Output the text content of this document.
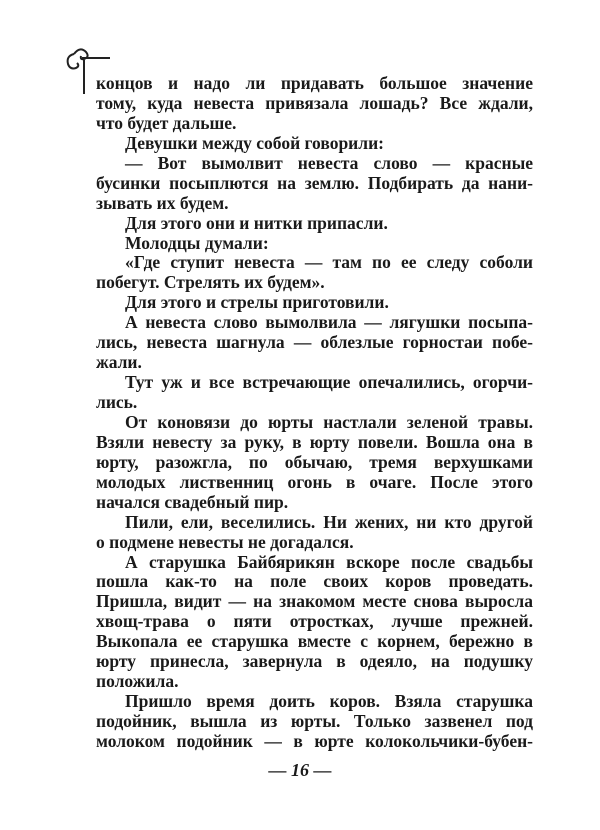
концов и надо ли придавать большое значение
тому, куда невеста привязала лошадь? Все ждали,
что будет дальше.
Девушки между собой говорили:
— Вот вымолвит невеста слово — красные
бусинки посыплются на землю. Подбирать да нани-
зывать их будем.
Для этого они и нитки припасли.
Молодцы думали:
«Где ступит невеста — там по ее следу соболи
побегут. Стрелять их будем».
Для этого и стрелы приготовили.
А невеста слово вымолвила — лягушки посыпа-
лись, невеста шагнула — облезлые горностаи побе-
жали.
Тут уж и все встречающие опечалились, огорчи-
лись.
От коновязи до юрты настлали зеленой травы.
Взяли невесту за руку, в юрту повели. Вошла она в
юрту, разожгла, по обычаю, тремя верхушками
молодых лиственниц огонь в очаге. После этого
начался свадебный пир.
Пили, ели, веселились. Ни жених, ни кто другой
о подмене невесты не догадался.
А старушка Байбярикян вскоре после свадьбы
пошла как-то на поле своих коров проведать.
Пришла, видит — на знакомом месте снова выросла
хвощ-трава о пяти отростках, лучше прежней.
Выкопала ее старушка вместе с корнем, бережно в
юрту принесла, завернула в одеяло, на подушку
положила.
Пришло время доить коров. Взяла старушка
подойник, вышла из юрты. Только зазвенел под
молоком подойник — в юрте колокольчики-бубен-
— 16 —
